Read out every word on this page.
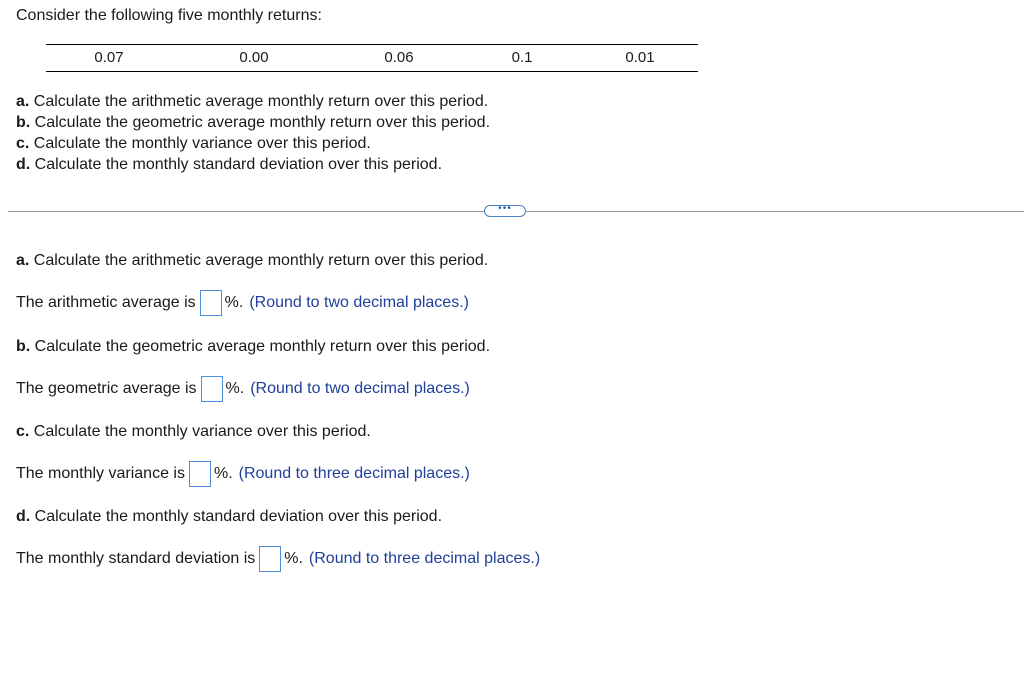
Consider the following five monthly returns:
0.07	0.00	0.06	0.1	0.01
a. Calculate the arithmetic average monthly return over this period.
b. Calculate the geometric average monthly return over this period.
c. Calculate the monthly variance over this period.
d. Calculate the monthly standard deviation over this period.
•••
a. Calculate the arithmetic average monthly return over this period.
The arithmetic average is %. (Round to two decimal places.)
b. Calculate the geometric average monthly return over this period.
The geometric average is %. (Round to two decimal places.)
c. Calculate the monthly variance over this period.
The monthly variance is %. (Round to three decimal places.)
d. Calculate the monthly standard deviation over this period.
The monthly standard deviation is %. (Round to three decimal places.)
